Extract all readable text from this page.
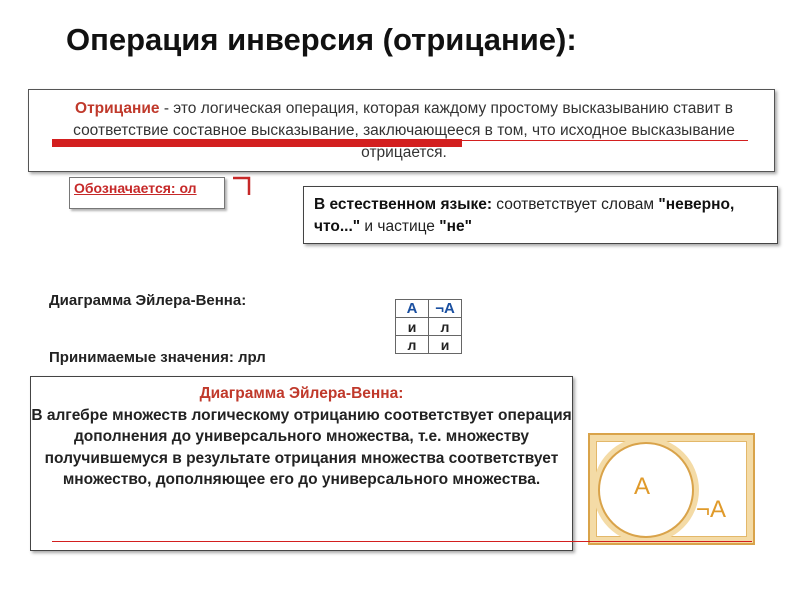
Операция инверсия (отрицание):
Отрицание - это логическая операция, которая каждому простому высказыванию ставит в соответствие составное высказывание, заключающееся в том, что исходное высказывание отрицается.
Обозначается: ол
В естественном языке: соответствует словам "неверно, что..." и частице "не"
Диаграмма Эйлера-Венна:
Принимаемые значения: лрл
А	¬А
и	л
л	и
Диаграмма Эйлера-Венна:
В алгебре множеств логическому отрицанию соответствует операция дополнения до универсального множества, т.е. множеству получившемуся в результате отрицания множества соответствует множество, дополняющее его до универсального множества.	А
¬А
